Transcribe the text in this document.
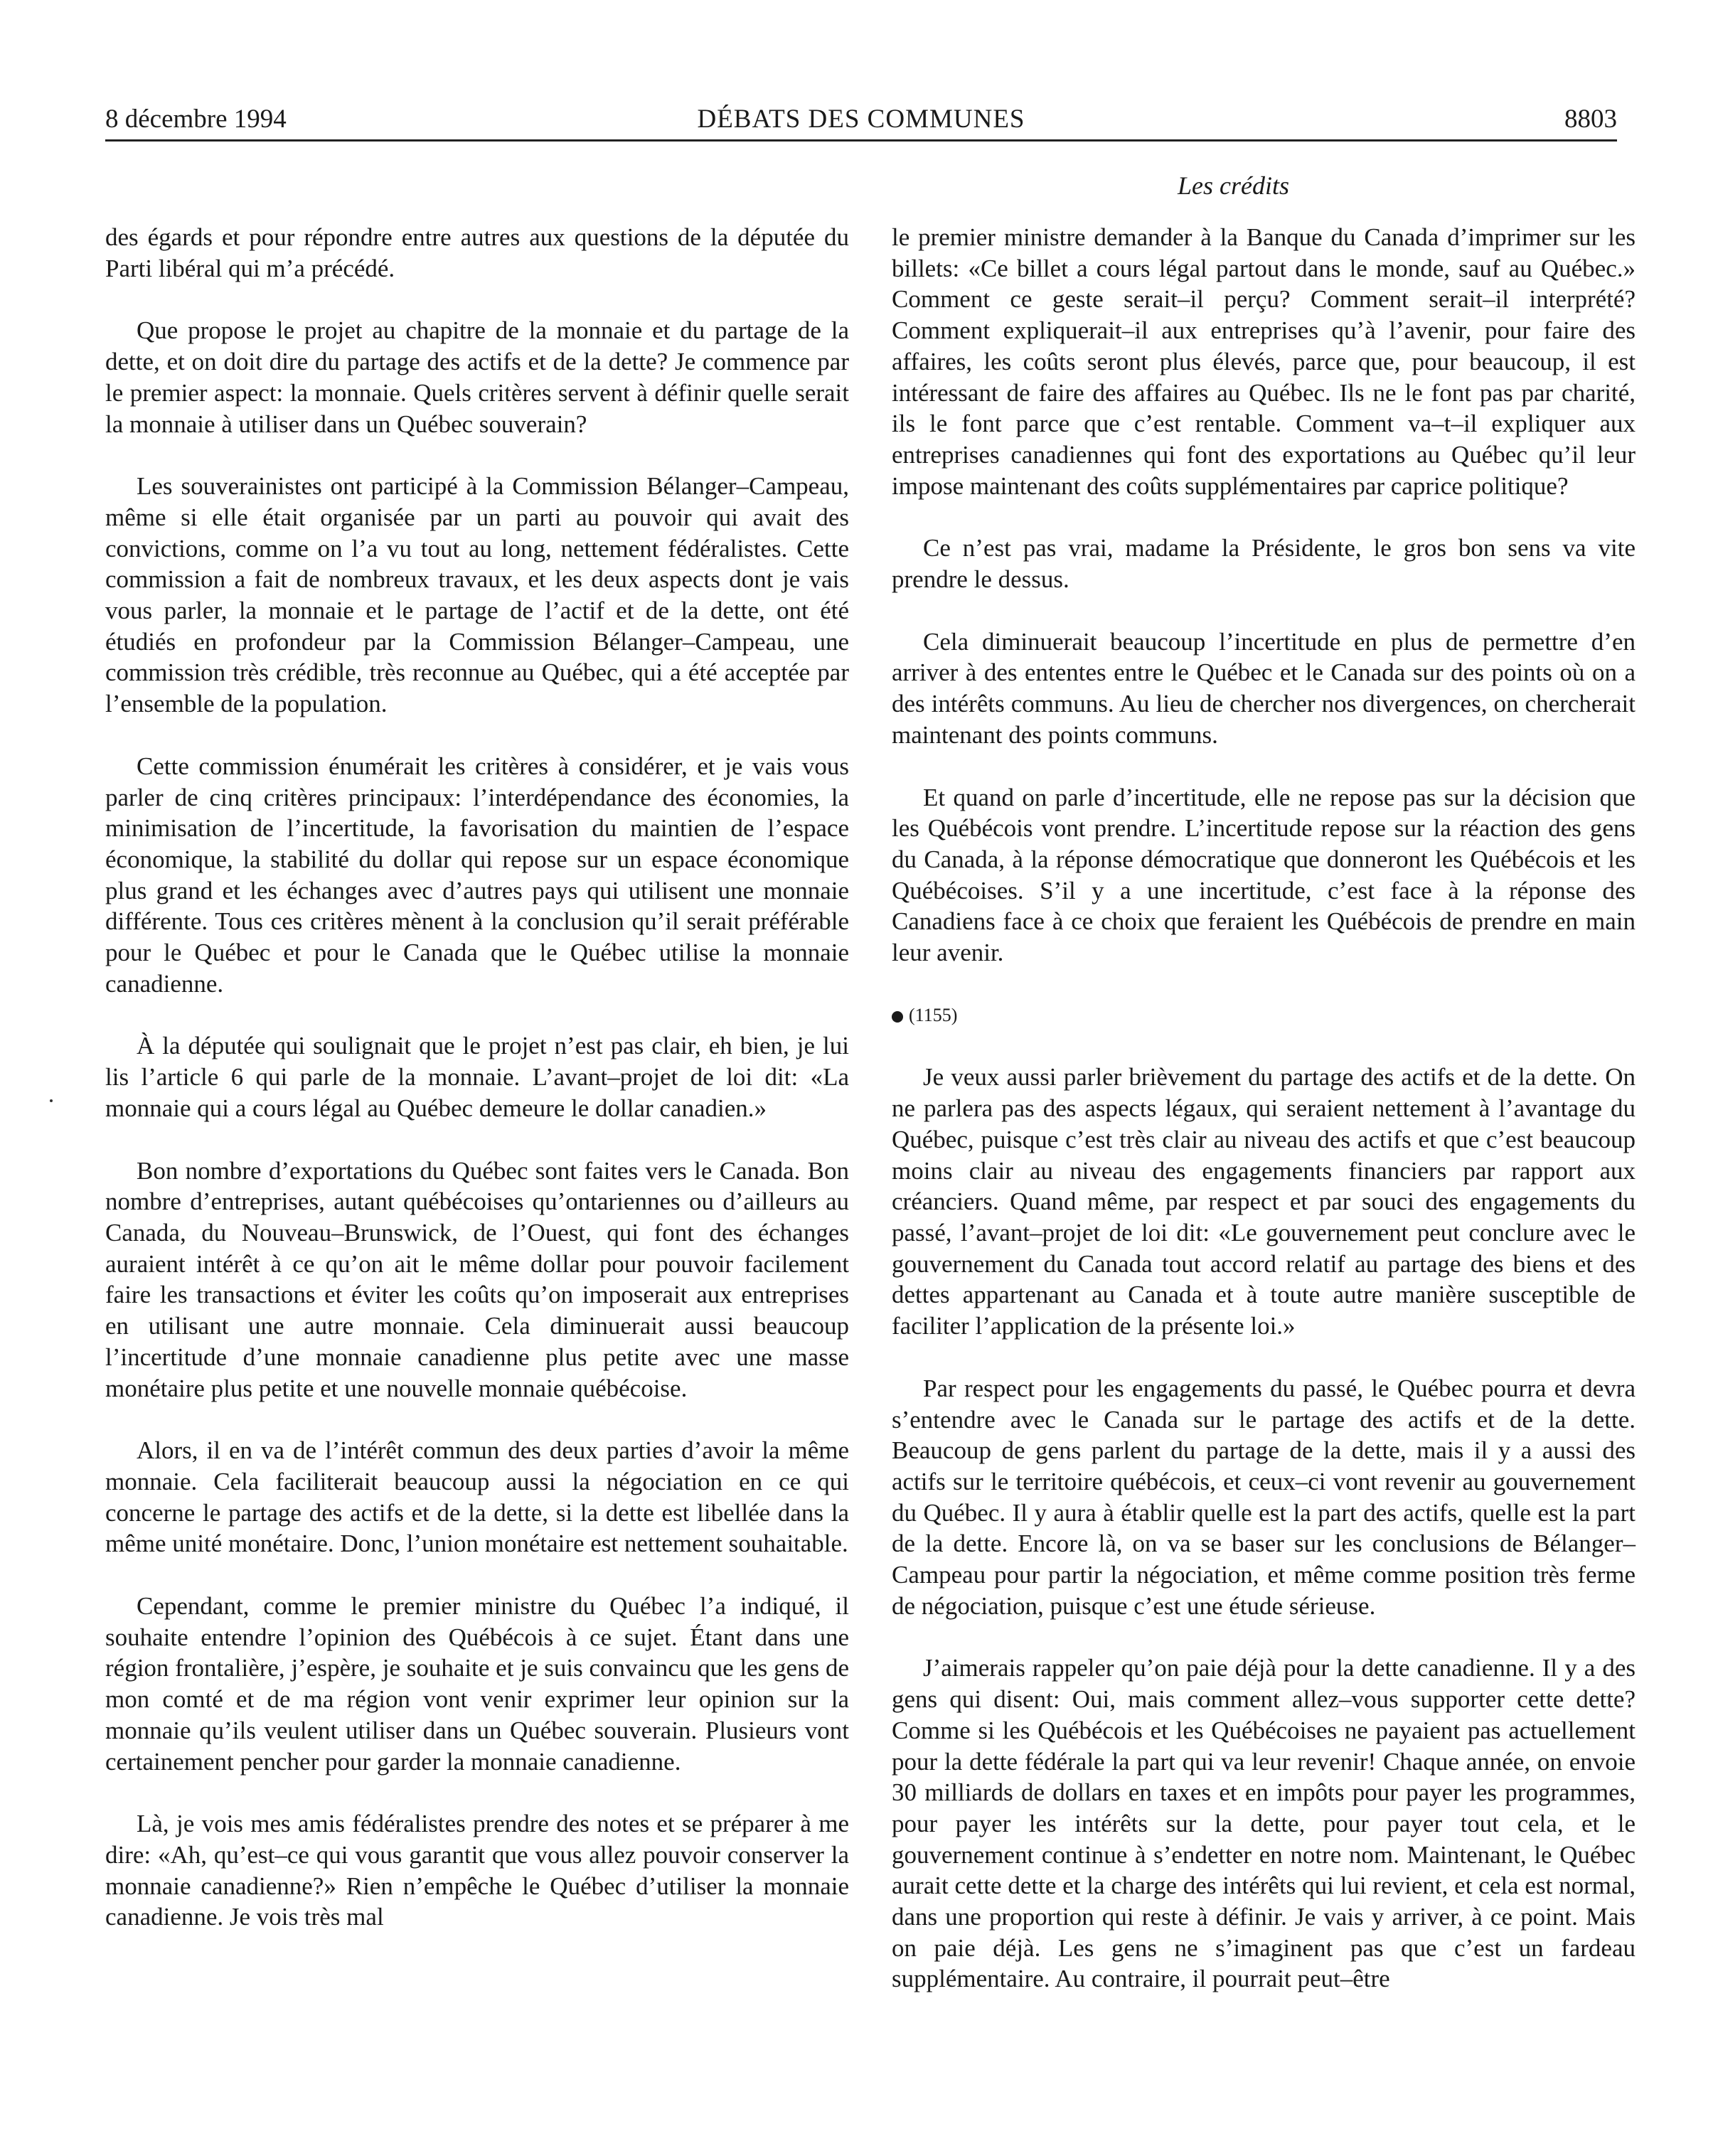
8 décembre 1994	DÉBATS DES COMMUNES	8803
Les crédits

des égards et pour répondre entre autres aux questions de la députée du Parti libéral qui m’a précédé.

Que propose le projet au chapitre de la monnaie et du partage de la dette, et on doit dire du partage des actifs et de la dette? Je commence par le premier aspect: la monnaie. Quels critères servent à définir quelle serait la monnaie à utiliser dans un Québec souverain?

Les souverainistes ont participé à la Commission Bélanger–Campeau, même si elle était organisée par un parti au pouvoir qui avait des convictions, comme on l’a vu tout au long, nettement fédéralistes. Cette commission a fait de nombreux travaux, et les deux aspects dont je vais vous parler, la monnaie et le partage de l’actif et de la dette, ont été étudiés en profondeur par la Commission Bélanger–Campeau, une commission très crédible, très reconnue au Québec, qui a été acceptée par l’ensemble de la population.

Cette commission énumérait les critères à considérer, et je vais vous parler de cinq critères principaux: l’interdépendance des économies, la minimisation de l’incertitude, la favorisation du maintien de l’espace économique, la stabilité du dollar qui repose sur un espace économique plus grand et les échanges avec d’autres pays qui utilisent une monnaie différente. Tous ces critères mènent à la conclusion qu’il serait préférable pour le Québec et pour le Canada que le Québec utilise la monnaie canadienne.

À la députée qui soulignait que le projet n’est pas clair, eh bien, je lui lis l’article 6 qui parle de la monnaie. L’avant–projet de loi dit: «La monnaie qui a cours légal au Québec demeure le dollar canadien.»

Bon nombre d’exportations du Québec sont faites vers le Canada. Bon nombre d’entreprises, autant québécoises qu’ontariennes ou d’ailleurs au Canada, du Nouveau–Brunswick, de l’Ouest, qui font des échanges auraient intérêt à ce qu’on ait le même dollar pour pouvoir facilement faire les transactions et éviter les coûts qu’on imposerait aux entreprises en utilisant une autre monnaie. Cela diminuerait aussi beaucoup l’incertitude d’une monnaie canadienne plus petite avec une masse monétaire plus petite et une nouvelle monnaie québécoise.

Alors, il en va de l’intérêt commun des deux parties d’avoir la même monnaie. Cela faciliterait beaucoup aussi la négociation en ce qui concerne le partage des actifs et de la dette, si la dette est libellée dans la même unité monétaire. Donc, l’union monétaire est nettement souhaitable.

Cependant, comme le premier ministre du Québec l’a indiqué, il souhaite entendre l’opinion des Québécois à ce sujet. Étant dans une région frontalière, j’espère, je souhaite et je suis convaincu que les gens de mon comté et de ma région vont venir exprimer leur opinion sur la monnaie qu’ils veulent utiliser dans un Québec souverain. Plusieurs vont certainement pencher pour garder la monnaie canadienne.

Là, je vois mes amis fédéralistes prendre des notes et se préparer à me dire: «Ah, qu’est–ce qui vous garantit que vous allez pouvoir conserver la monnaie canadienne?» Rien n’empêche le Québec d’utiliser la monnaie canadienne. Je vois très mal

le premier ministre demander à la Banque du Canada d’imprimer sur les billets: «Ce billet a cours légal partout dans le monde, sauf au Québec.» Comment ce geste serait–il perçu? Comment serait–il interprété? Comment expliquerait–il aux entreprises qu’à l’avenir, pour faire des affaires, les coûts seront plus élevés, parce que, pour beaucoup, il est intéressant de faire des affaires au Québec. Ils ne le font pas par charité, ils le font parce que c’est rentable. Comment va–t–il expliquer aux entreprises canadiennes qui font des exportations au Québec qu’il leur impose maintenant des coûts supplémentaires par caprice politique?

Ce n’est pas vrai, madame la Présidente, le gros bon sens va vite prendre le dessus.

Cela diminuerait beaucoup l’incertitude en plus de permettre d’en arriver à des ententes entre le Québec et le Canada sur des points où on a des intérêts communs. Au lieu de chercher nos divergences, on chercherait maintenant des points communs.

Et quand on parle d’incertitude, elle ne repose pas sur la décision que les Québécois vont prendre. L’incertitude repose sur la réaction des gens du Canada, à la réponse démocratique que donneront les Québécois et les Québécoises. S’il y a une incertitude, c’est face à la réponse des Canadiens face à ce choix que feraient les Québécois de prendre en main leur avenir.

(1155)

Je veux aussi parler brièvement du partage des actifs et de la dette. On ne parlera pas des aspects légaux, qui seraient nettement à l’avantage du Québec, puisque c’est très clair au niveau des actifs et que c’est beaucoup moins clair au niveau des engagements financiers par rapport aux créanciers. Quand même, par respect et par souci des engagements du passé, l’avant–projet de loi dit: «Le gouvernement peut conclure avec le gouvernement du Canada tout accord relatif au partage des biens et des dettes appartenant au Canada et à toute autre manière susceptible de faciliter l’application de la présente loi.»

Par respect pour les engagements du passé, le Québec pourra et devra s’entendre avec le Canada sur le partage des actifs et de la dette. Beaucoup de gens parlent du partage de la dette, mais il y a aussi des actifs sur le territoire québécois, et ceux–ci vont revenir au gouvernement du Québec. Il y aura à établir quelle est la part des actifs, quelle est la part de la dette. Encore là, on va se baser sur les conclusions de Bélanger–Campeau pour partir la négociation, et même comme position très ferme de négociation, puisque c’est une étude sérieuse.

J’aimerais rappeler qu’on paie déjà pour la dette canadienne. Il y a des gens qui disent: Oui, mais comment allez–vous supporter cette dette? Comme si les Québécois et les Québécoises ne payaient pas actuellement pour la dette fédérale la part qui va leur revenir! Chaque année, on envoie 30 milliards de dollars en taxes et en impôts pour payer les programmes, pour payer les intérêts sur la dette, pour payer tout cela, et le gouvernement continue à s’endetter en notre nom. Maintenant, le Québec aurait cette dette et la charge des intérêts qui lui revient, et cela est normal, dans une proportion qui reste à définir. Je vais y arriver, à ce point. Mais on paie déjà. Les gens ne s’imaginent pas que c’est un fardeau supplémentaire. Au contraire, il pourrait peut–être
